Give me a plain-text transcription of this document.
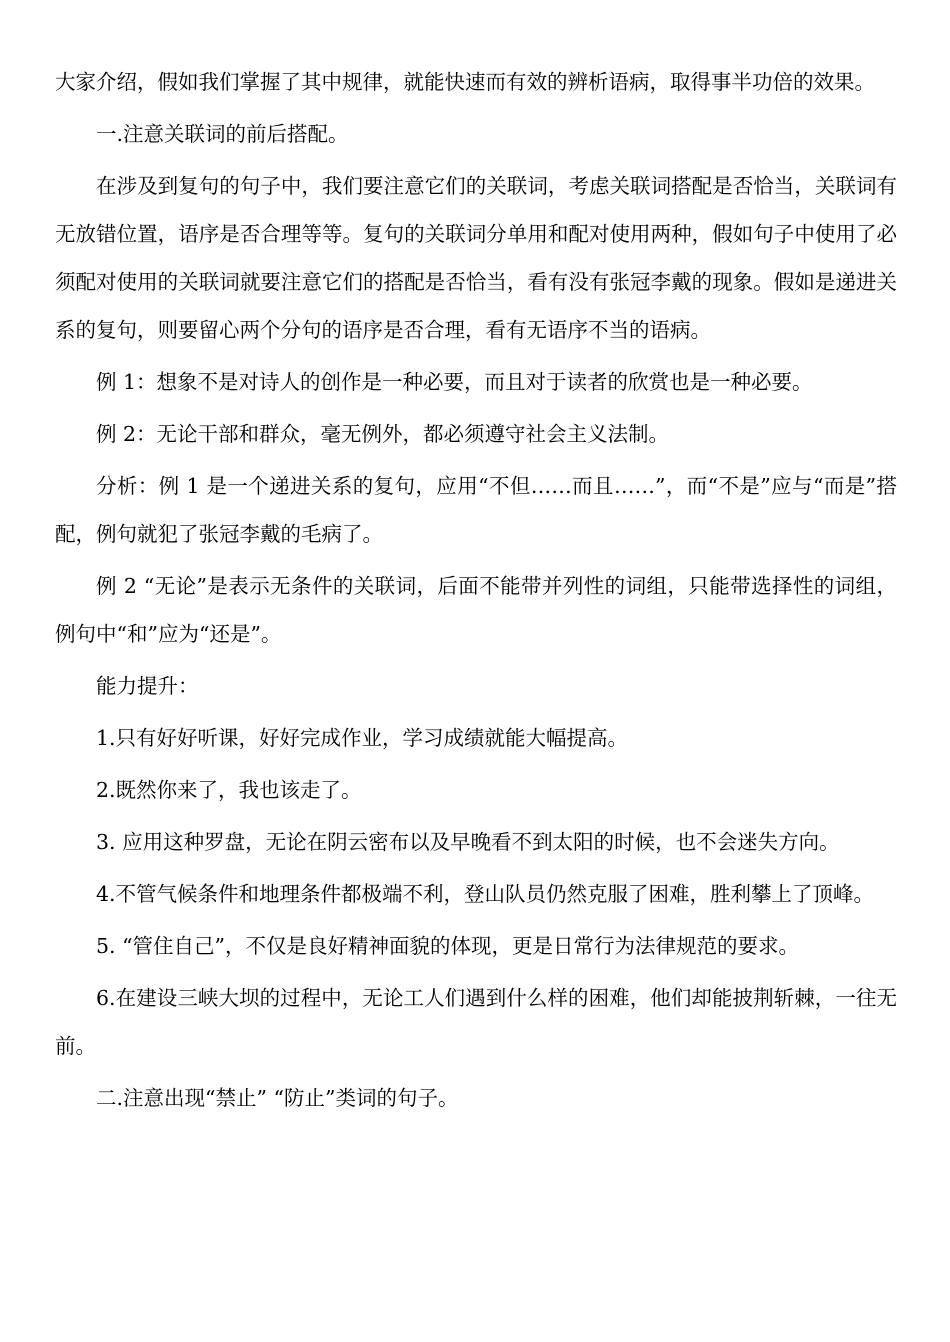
大家介绍，假如我们掌握了其中规律，就能快速而有效的辨析语病，取得事半功倍的效果。

一.注意关联词的前后搭配。

在涉及到复句的句子中，我们要注意它们的关联词，考虑关联词搭配是否恰当，关联词有无放错位置，语序是否合理等等。复句的关联词分单用和配对使用两种，假如句子中使用了必须配对使用的关联词就要注意它们的搭配是否恰当，看有没有张冠李戴的现象。假如是递进关系的复句，则要留心两个分句的语序是否合理，看有无语序不当的语病。

例 1：想象不是对诗人的创作是一种必要，而且对于读者的欣赏也是一种必要。

例 2：无论干部和群众，毫无例外，都必须遵守社会主义法制。

分析：例 1 是一个递进关系的复句，应用“不但……而且……”，而“不是”应与“而是”搭配，例句就犯了张冠李戴的毛病了。

例 2 “无论”是表示无条件的关联词，后面不能带并列性的词组，只能带选择性的词组，例句中“和”应为“还是”。

能力提升：

1.只有好好听课，好好完成作业，学习成绩就能大幅提高。

2.既然你来了，我也该走了。

3. 应用这种罗盘，无论在阴云密布以及早晚看不到太阳的时候，也不会迷失方向。

4.不管气候条件和地理条件都极端不利，登山队员仍然克服了困难，胜利攀上了顶峰。

5. “管住自己”，不仅是良好精神面貌的体现，更是日常行为法律规范的要求。

6.在建设三峡大坝的过程中，无论工人们遇到什么样的困难，他们却能披荆斩棘，一往无前。

二.注意出现“禁止” “防止”类词的句子。
